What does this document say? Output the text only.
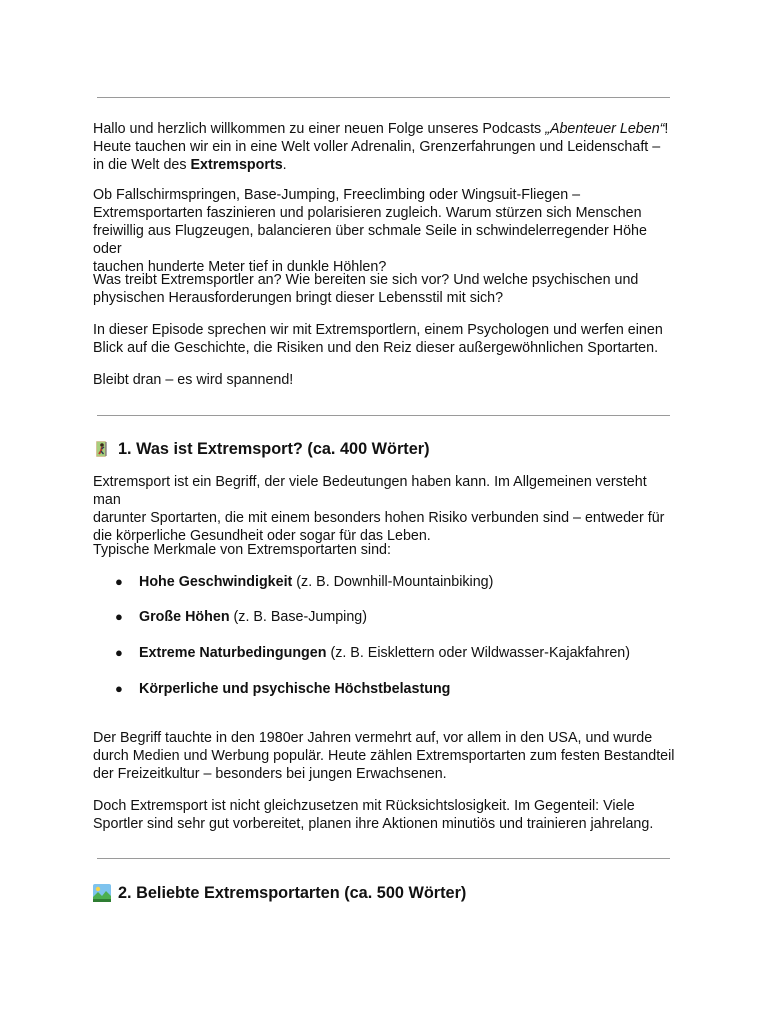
Hallo und herzlich willkommen zu einer neuen Folge unseres Podcasts „Abenteuer Leben“!
Heute tauchen wir ein in eine Welt voller Adrenalin, Grenzerfahrungen und Leidenschaft –
in die Welt des Extremsports.

Ob Fallschirmspringen, Base-Jumping, Freeclimbing oder Wingsuit-Fliegen –
Extremsportarten faszinieren und polarisieren zugleich. Warum stürzen sich Menschen
freiwillig aus Flugzeugen, balancieren über schmale Seile in schwindelerregender Höhe oder
tauchen hunderte Meter tief in dunkle Höhlen?

Was treibt Extremsportler an? Wie bereiten sie sich vor? Und welche psychischen und
physischen Herausforderungen bringt dieser Lebensstil mit sich?

In dieser Episode sprechen wir mit Extremsportlern, einem Psychologen und werfen einen
Blick auf die Geschichte, die Risiken und den Reiz dieser außergewöhnlichen Sportarten.

Bleibt dran – es wird spannend!

1. Was ist Extremsport? (ca. 400 Wörter)

Extremsport ist ein Begriff, der viele Bedeutungen haben kann. Im Allgemeinen versteht man
darunter Sportarten, die mit einem besonders hohen Risiko verbunden sind – entweder für
die körperliche Gesundheit oder sogar für das Leben.

Typische Merkmale von Extremsportarten sind:

● Hohe Geschwindigkeit (z. B. Downhill-Mountainbiking)
● Große Höhen (z. B. Base-Jumping)
● Extreme Naturbedingungen (z. B. Eisklettern oder Wildwasser-Kajakfahren)
● Körperliche und psychische Höchstbelastung

Der Begriff tauchte in den 1980er Jahren vermehrt auf, vor allem in den USA, und wurde
durch Medien und Werbung populär. Heute zählen Extremsportarten zum festen Bestandteil
der Freizeitkultur – besonders bei jungen Erwachsenen.

Doch Extremsport ist nicht gleichzusetzen mit Rücksichtslosigkeit. Im Gegenteil: Viele
Sportler sind sehr gut vorbereitet, planen ihre Aktionen minutiös und trainieren jahrelang.

2. Beliebte Extremsportarten (ca. 500 Wörter)
